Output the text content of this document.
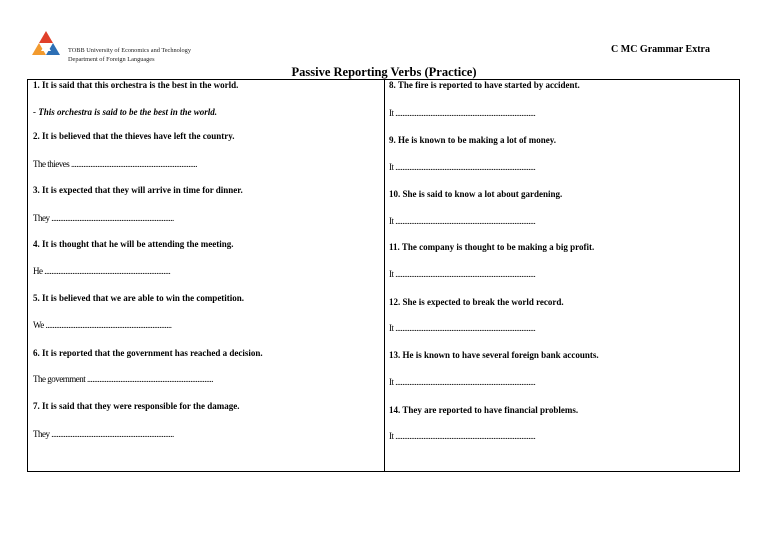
TOBB University of Economics and Technology
Department of Foreign Languages
C MC Grammar Extra
Passive Reporting Verbs (Practice)
1. It is said that this orchestra is the best in the world.
- This orchestra is said to be the best in the world.
2. It is believed that the thieves have left the country.
The thieves ........................................................................
3. It is expected that they will arrive in time for dinner.
They ......................................................................
4. It is thought that he will be attending the meeting.
He ........................................................................
5. It is believed that we are able to win the competition.
We ........................................................................
6. It is reported that the government has reached a decision.
The government ........................................................................
7. It is said that they were responsible for the damage.
They ......................................................................
8. The fire is reported to have started by accident.
It ................................................................................
9. He is known to be making a lot of money.
It ................................................................................
10. She is said to know a lot about gardening.
It ................................................................................
11. The company is thought to be making a big profit.
It ................................................................................
12. She is expected to break the world record.
It ................................................................................
13. He is known to have several foreign bank accounts.
It ................................................................................
14. They are reported to have financial problems.
It ................................................................................
